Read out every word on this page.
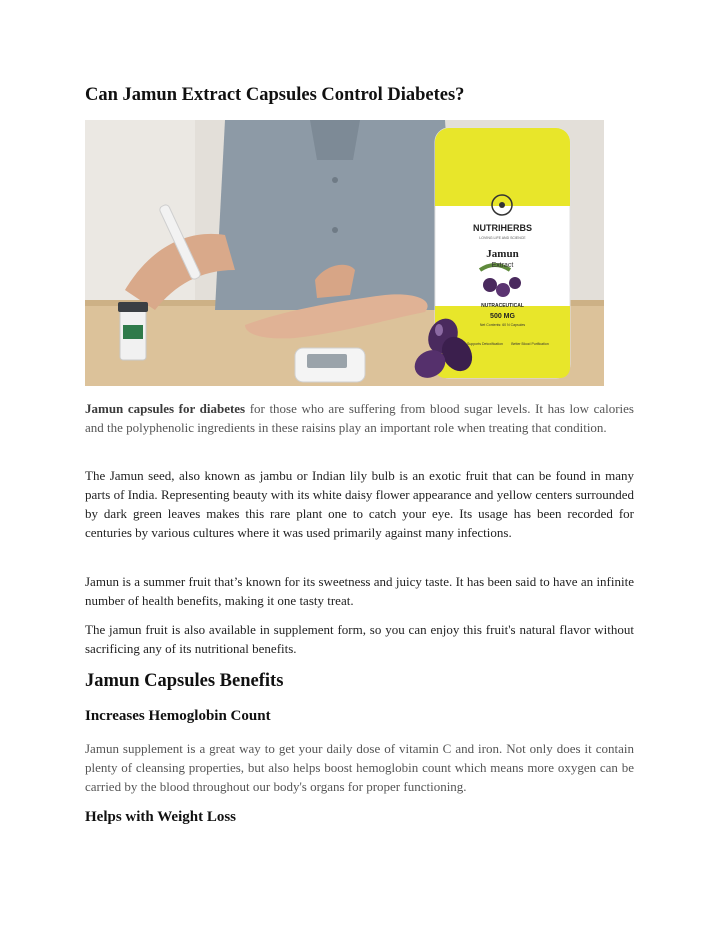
Can Jamun Extract Capsules Control Diabetes?
NUTRIHERBS
LOVING LIFE AND SCIENCE
Jamun
Extract
NUTRACEUTICAL
500 MG
Net Contents: 60 N Capsules
Supports Detoxification	Better Blood Purification

Jamun capsules for diabetes for those who are suffering from blood sugar levels. It has low calories and the polyphenolic ingredients in these raisins play an important role when treating that condition.

The Jamun seed, also known as jambu or Indian lily bulb is an exotic fruit that can be found in many parts of India. Representing beauty with its white daisy flower appearance and yellow centers surrounded by dark green leaves makes this rare plant one to catch your eye. Its usage has been recorded for centuries by various cultures where it was used primarily against many infections.

Jamun is a summer fruit that’s known for its sweetness and juicy taste. It has been said to have an infinite number of health benefits, making it one tasty treat.

The jamun fruit is also available in supplement form, so you can enjoy this fruit's natural flavor without sacrificing any of its nutritional benefits.

Jamun Capsules Benefits
Increases Hemoglobin Count

Jamun supplement is a great way to get your daily dose of vitamin C and iron. Not only does it contain plenty of cleansing properties, but also helps boost hemoglobin count which means more oxygen can be carried by the blood throughout our body's organs for proper functioning.

Helps with Weight Loss
